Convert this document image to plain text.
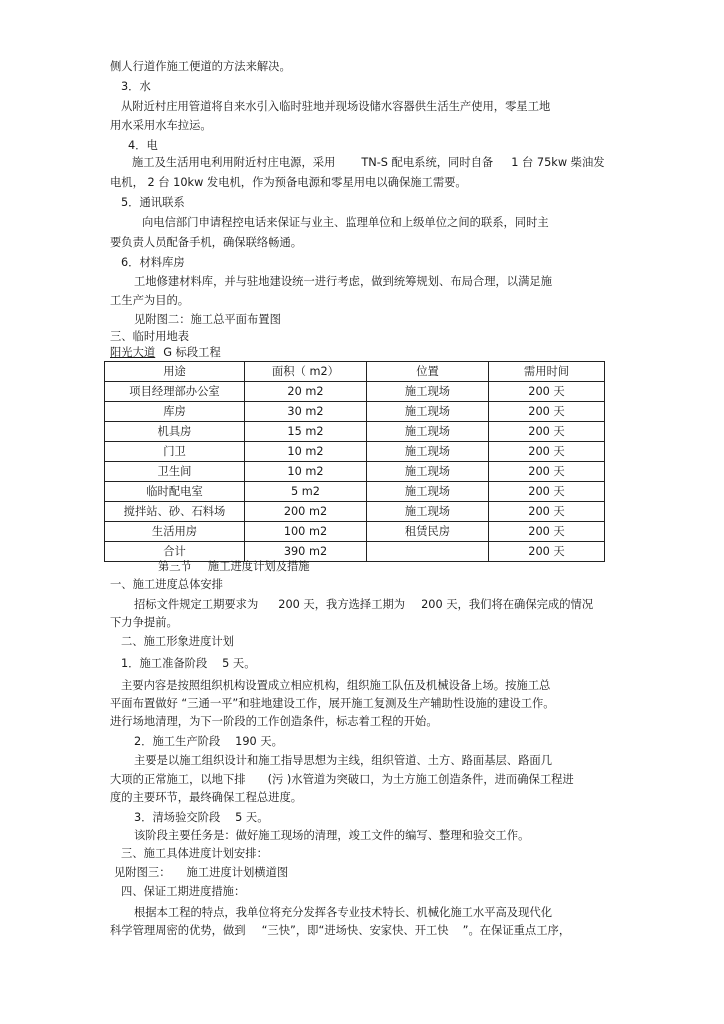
侧人行道作施工便道的方法来解决。
3．水
从附近村庄用管道将自来水引入临时驻地并现场设储水容器供生活生产使用，零星工地
用水采用水车拉运。
4．电
施工及生活用电利用附近村庄电源，采用 TN-S 配电系统，同时自备 1 台 75kw 柴油发
电机， 2 台 10kw 发电机，作为预备电源和零星用电以确保施工需要。
5．通讯联系
向电信部门申请程控电话来保证与业主、监理单位和上级单位之间的联系，同时主
要负责人员配备手机，确保联络畅通。
6．材料库房
工地修建材料库，并与驻地建设统一进行考虑，做到统筹规划、布局合理，以满足施
工生产为目的。
见附图二：施工总平面布置图
三、临时用地表
阳光大道 G 标段工程
用途	面积（ m2）	位置	需用时间
项目经理部办公室	20 m2	施工现场	200 天
库房	30 m2	施工现场	200 天
机具房	15 m2	施工现场	200 天
门卫	10 m2	施工现场	200 天
卫生间	10 m2	施工现场	200 天
临时配电室	5 m2	施工现场	200 天
搅拌站、砂、石料场	200 m2	施工现场	200 天
生活用房	100 m2	租赁民房	200 天
合计	390 m2		200 天
第三节 施工进度计划及措施
一、施工进度总体安排
招标文件规定工期要求为 200 天，我方选择工期为 200 天，我们将在确保完成的情况
下力争提前。
二、施工形象进度计划
1．施工准备阶段　 5 天。
主要内容是按照组织机构设置成立相应机构，组织施工队伍及机械设备上场。按施工总
平面布置做好 “三通一平”和驻地建设工作，展开施工复测及生产辅助性设施的建设工作。
进行场地清理，为下一阶段的工作创造条件，标志着工程的开始。
2．施工生产阶段　 190 天。
主要是以施工组织设计和施工指导思想为主线，组织管道、土方、路面基层、路面几
大项的正常施工，以地下排 (污 )水管道为突破口，为土方施工创造条件，进而确保工程进
度的主要环节，最终确保工程总进度。
3．清场验交阶段　 5 天。
该阶段主要任务是：做好施工现场的清理，竣工文件的编写、整理和验交工作。
三、施工具体进度计划安排：
见附图三： 施工进度计划横道图
四、保证工期进度措施：
根据本工程的特点，我单位将充分发挥各专业技术特长、机械化施工水平高及现代化
科学管理周密的优势，做到 “三快”，即“进场快、安家快、开工快 ”。在保证重点工序，
